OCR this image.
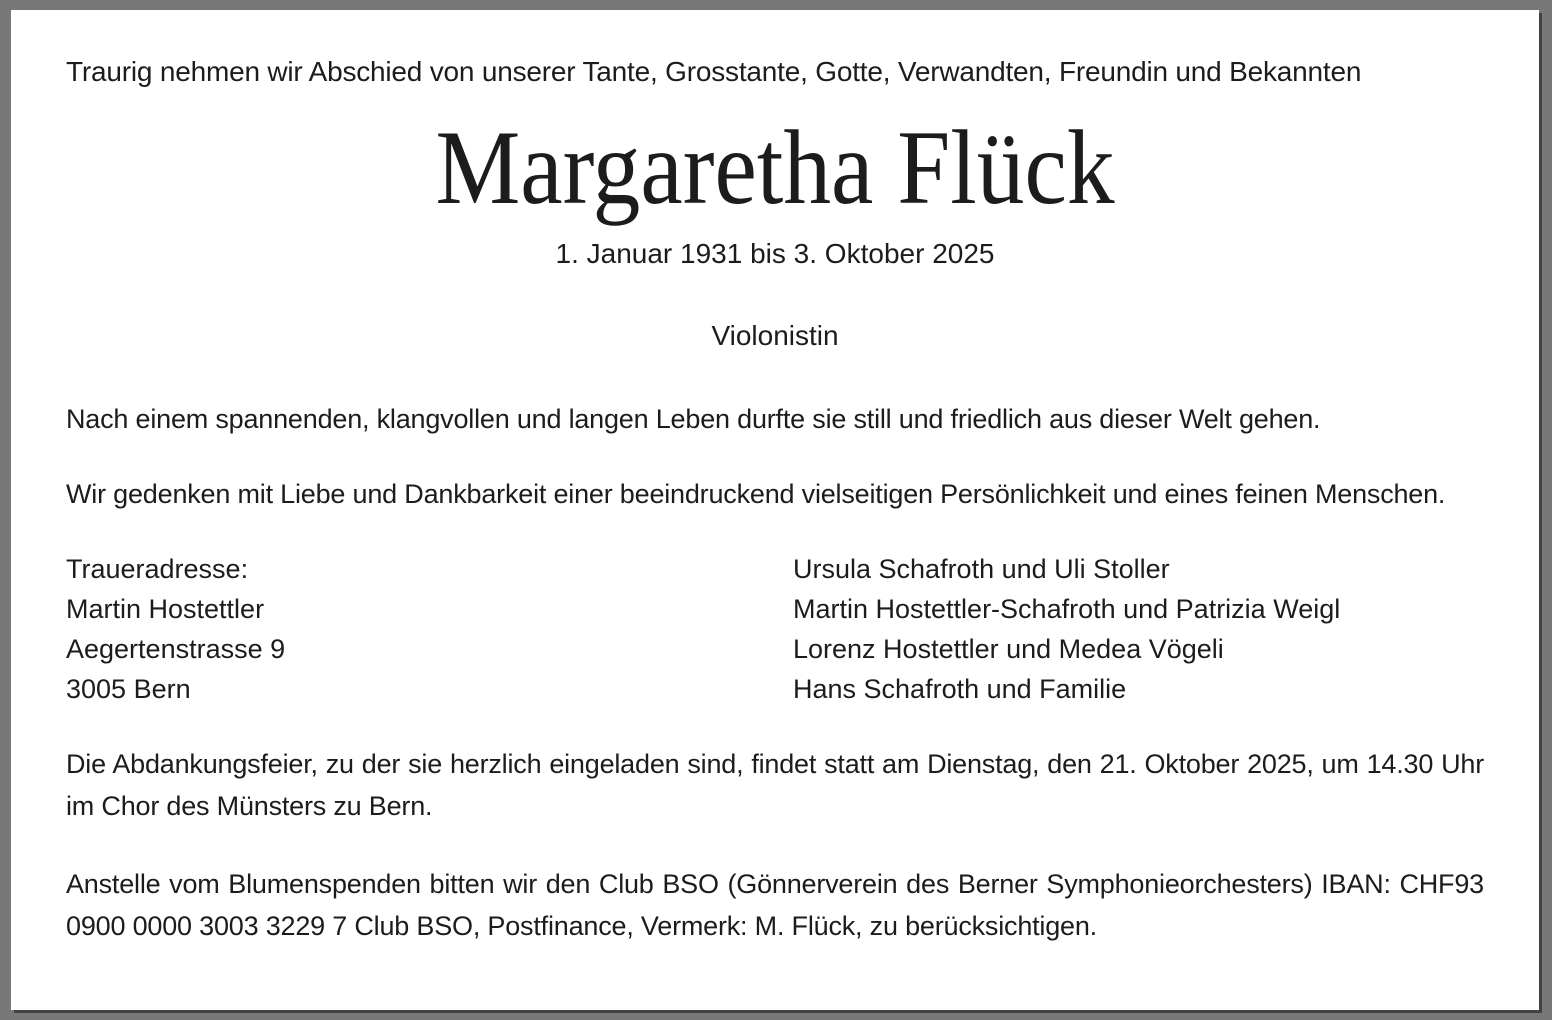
Traurig nehmen wir Abschied von unserer Tante, Grosstante, Gotte, Verwandten, Freundin und Bekannten
Margaretha Flück
1. Januar 1931 bis 3. Oktober 2025
Violonistin
Nach einem spannenden, klangvollen und langen Leben durfte sie still und friedlich aus dieser Welt gehen.
Wir gedenken mit Liebe und Dankbarkeit einer beeindruckend vielseitigen Persönlichkeit und eines feinen Menschen.
Traueradresse:
Martin Hostettler
Aegertenstrasse 9
3005 Bern
Ursula Schafroth und Uli Stoller
Martin Hostettler-Schafroth und Patrizia Weigl
Lorenz Hostettler und Medea Vögeli
Hans Schafroth und Familie
Die Abdankungsfeier, zu der sie herzlich eingeladen sind, findet statt am Dienstag, den 21. Oktober 2025, um 14.30 Uhr im Chor des Münsters zu Bern.
Anstelle vom Blumenspenden bitten wir den Club BSO (Gönnerverein des Berner Symphonieorchesters) IBAN: CHF93 0900 0000 3003 3229 7 Club BSO, Postfinance, Vermerk: M. Flück, zu berücksichtigen.
